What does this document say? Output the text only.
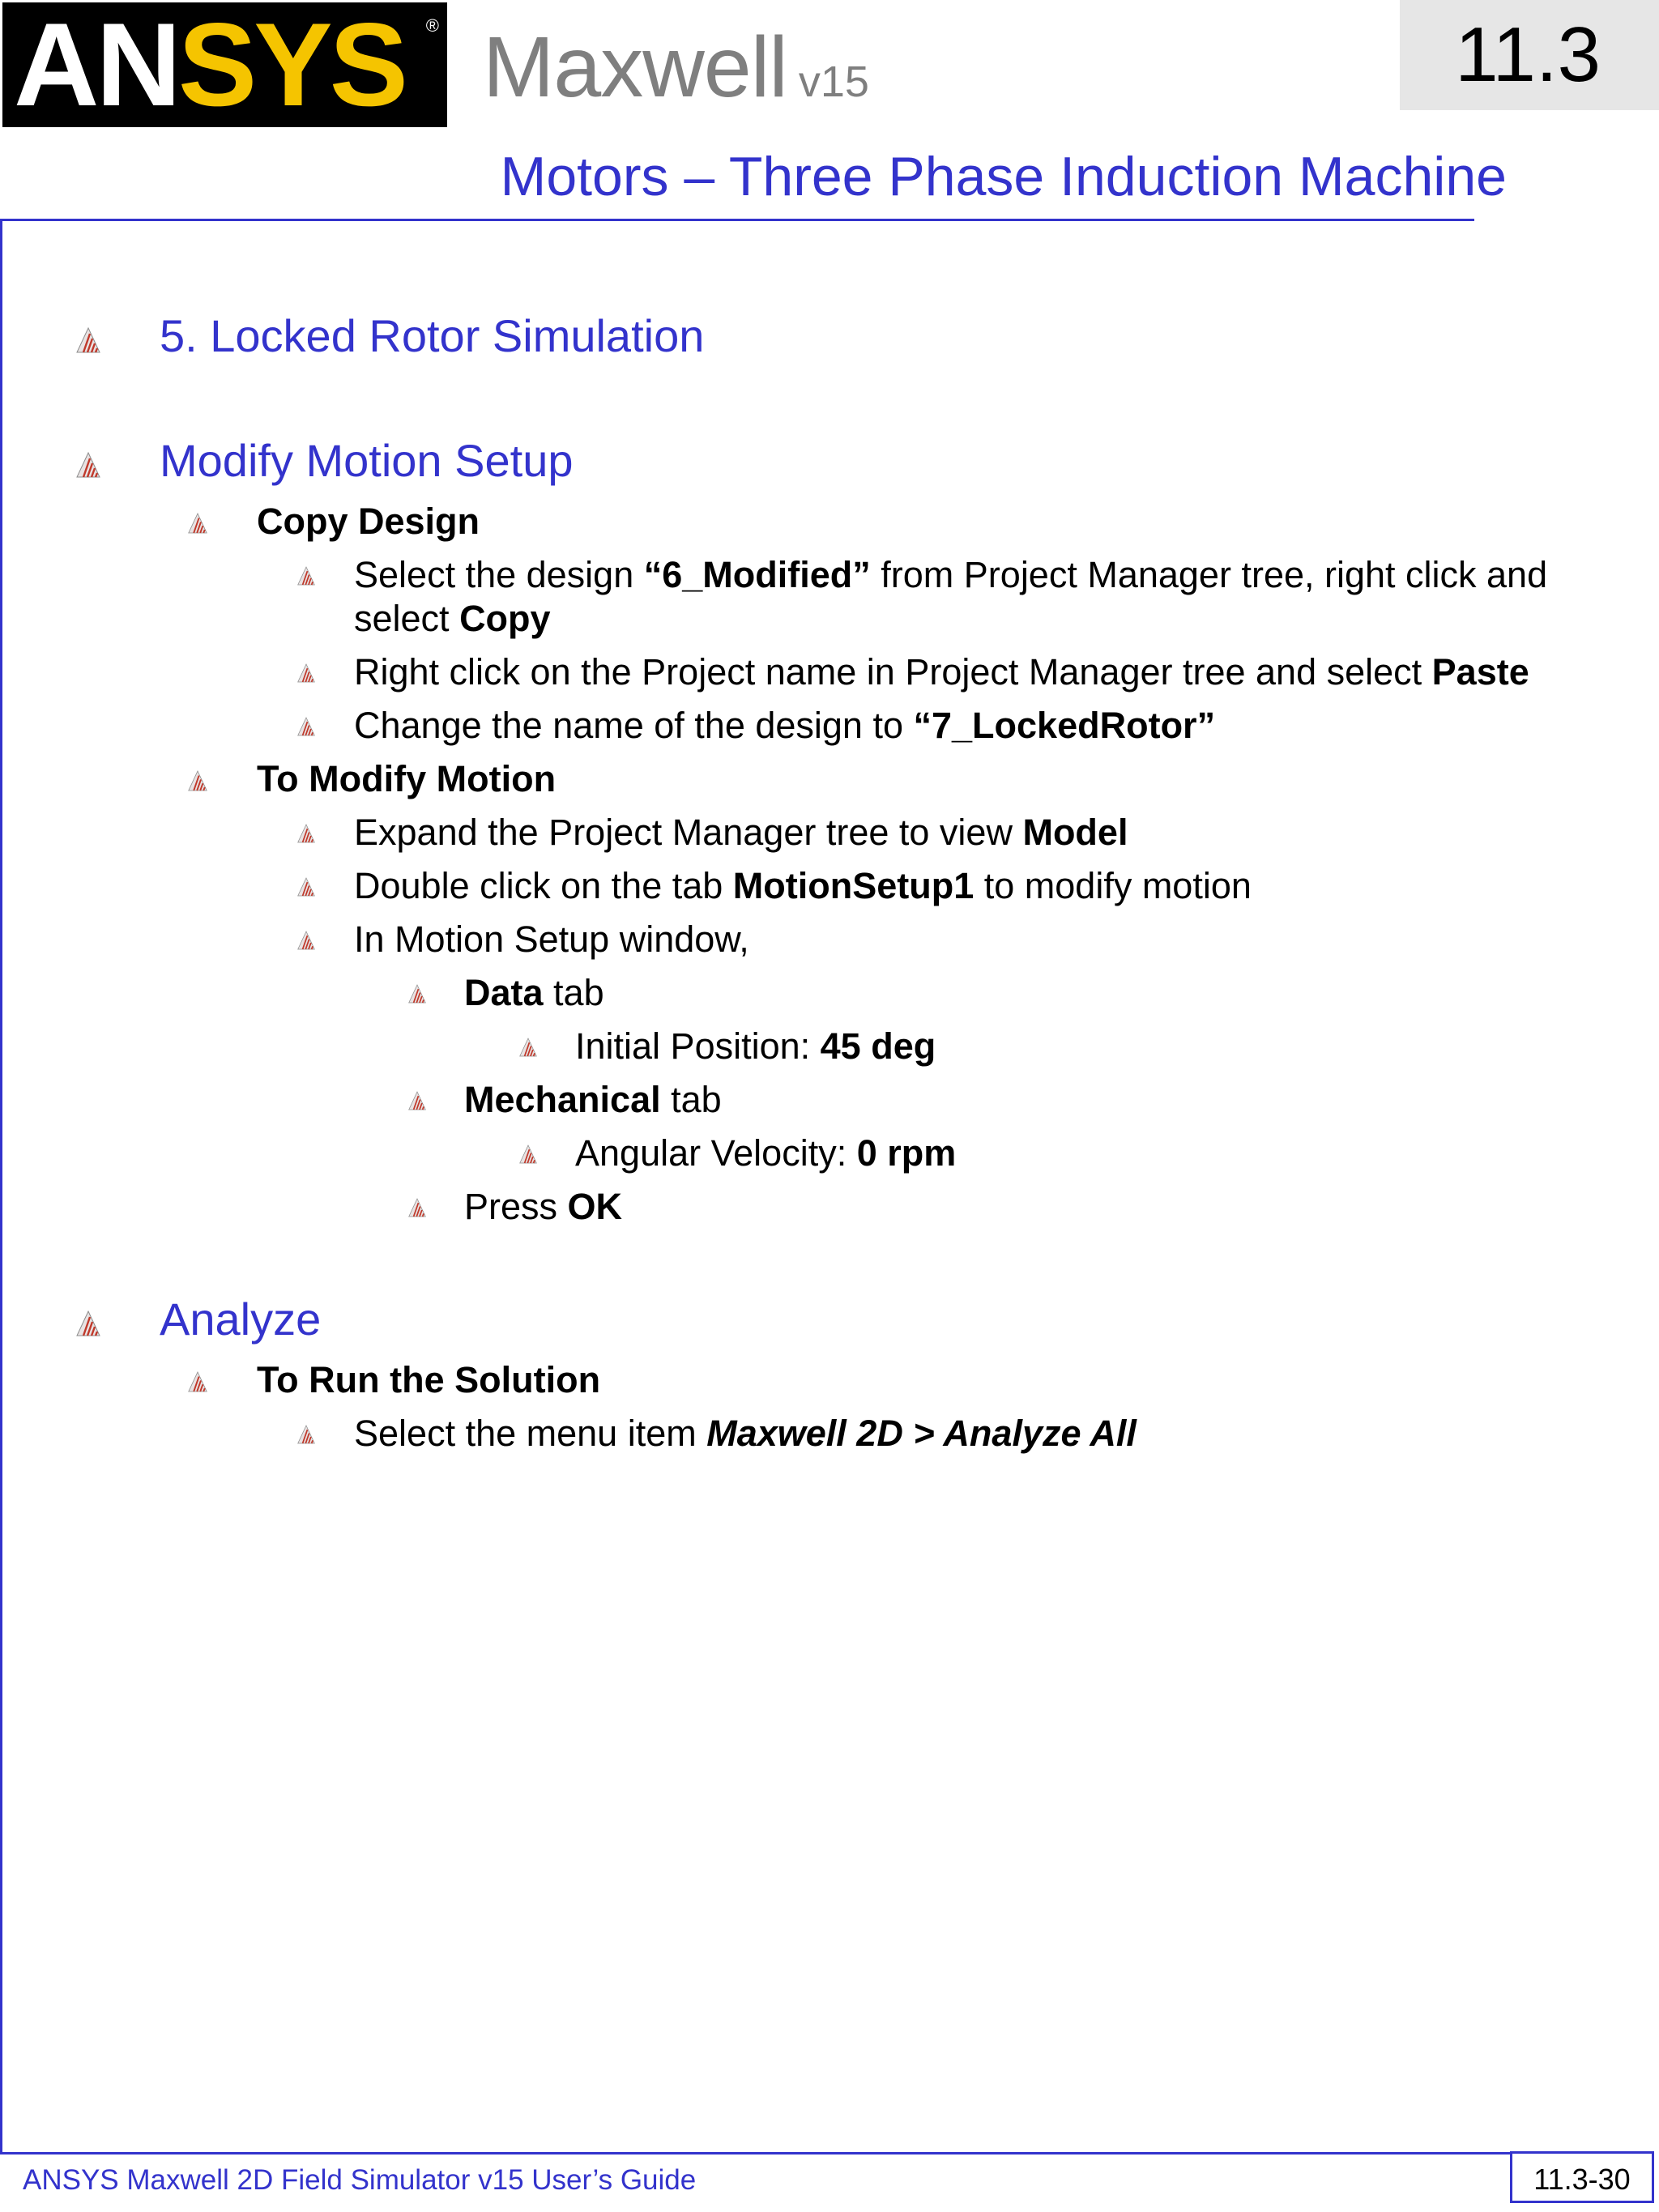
ANSYS ® Maxwell v15	11.3
Motors – Three Phase Induction Machine
5. Locked Rotor Simulation
Modify Motion Setup
Copy Design
Select the design “6_Modified” from Project Manager tree, right click and
select Copy
Right click on the Project name in Project Manager tree and select Paste
Change the name of the design to “7_LockedRotor”
To Modify Motion
Expand the Project Manager tree to view Model
Double click on the tab MotionSetup1 to modify motion
In Motion Setup window,
Data tab
Initial Position: 45 deg
Mechanical tab
Angular Velocity: 0 rpm
Press OK
Analyze
To Run the Solution
Select the menu item Maxwell 2D > Analyze All
ANSYS Maxwell 2D Field Simulator v15 User’s Guide	11.3-30
